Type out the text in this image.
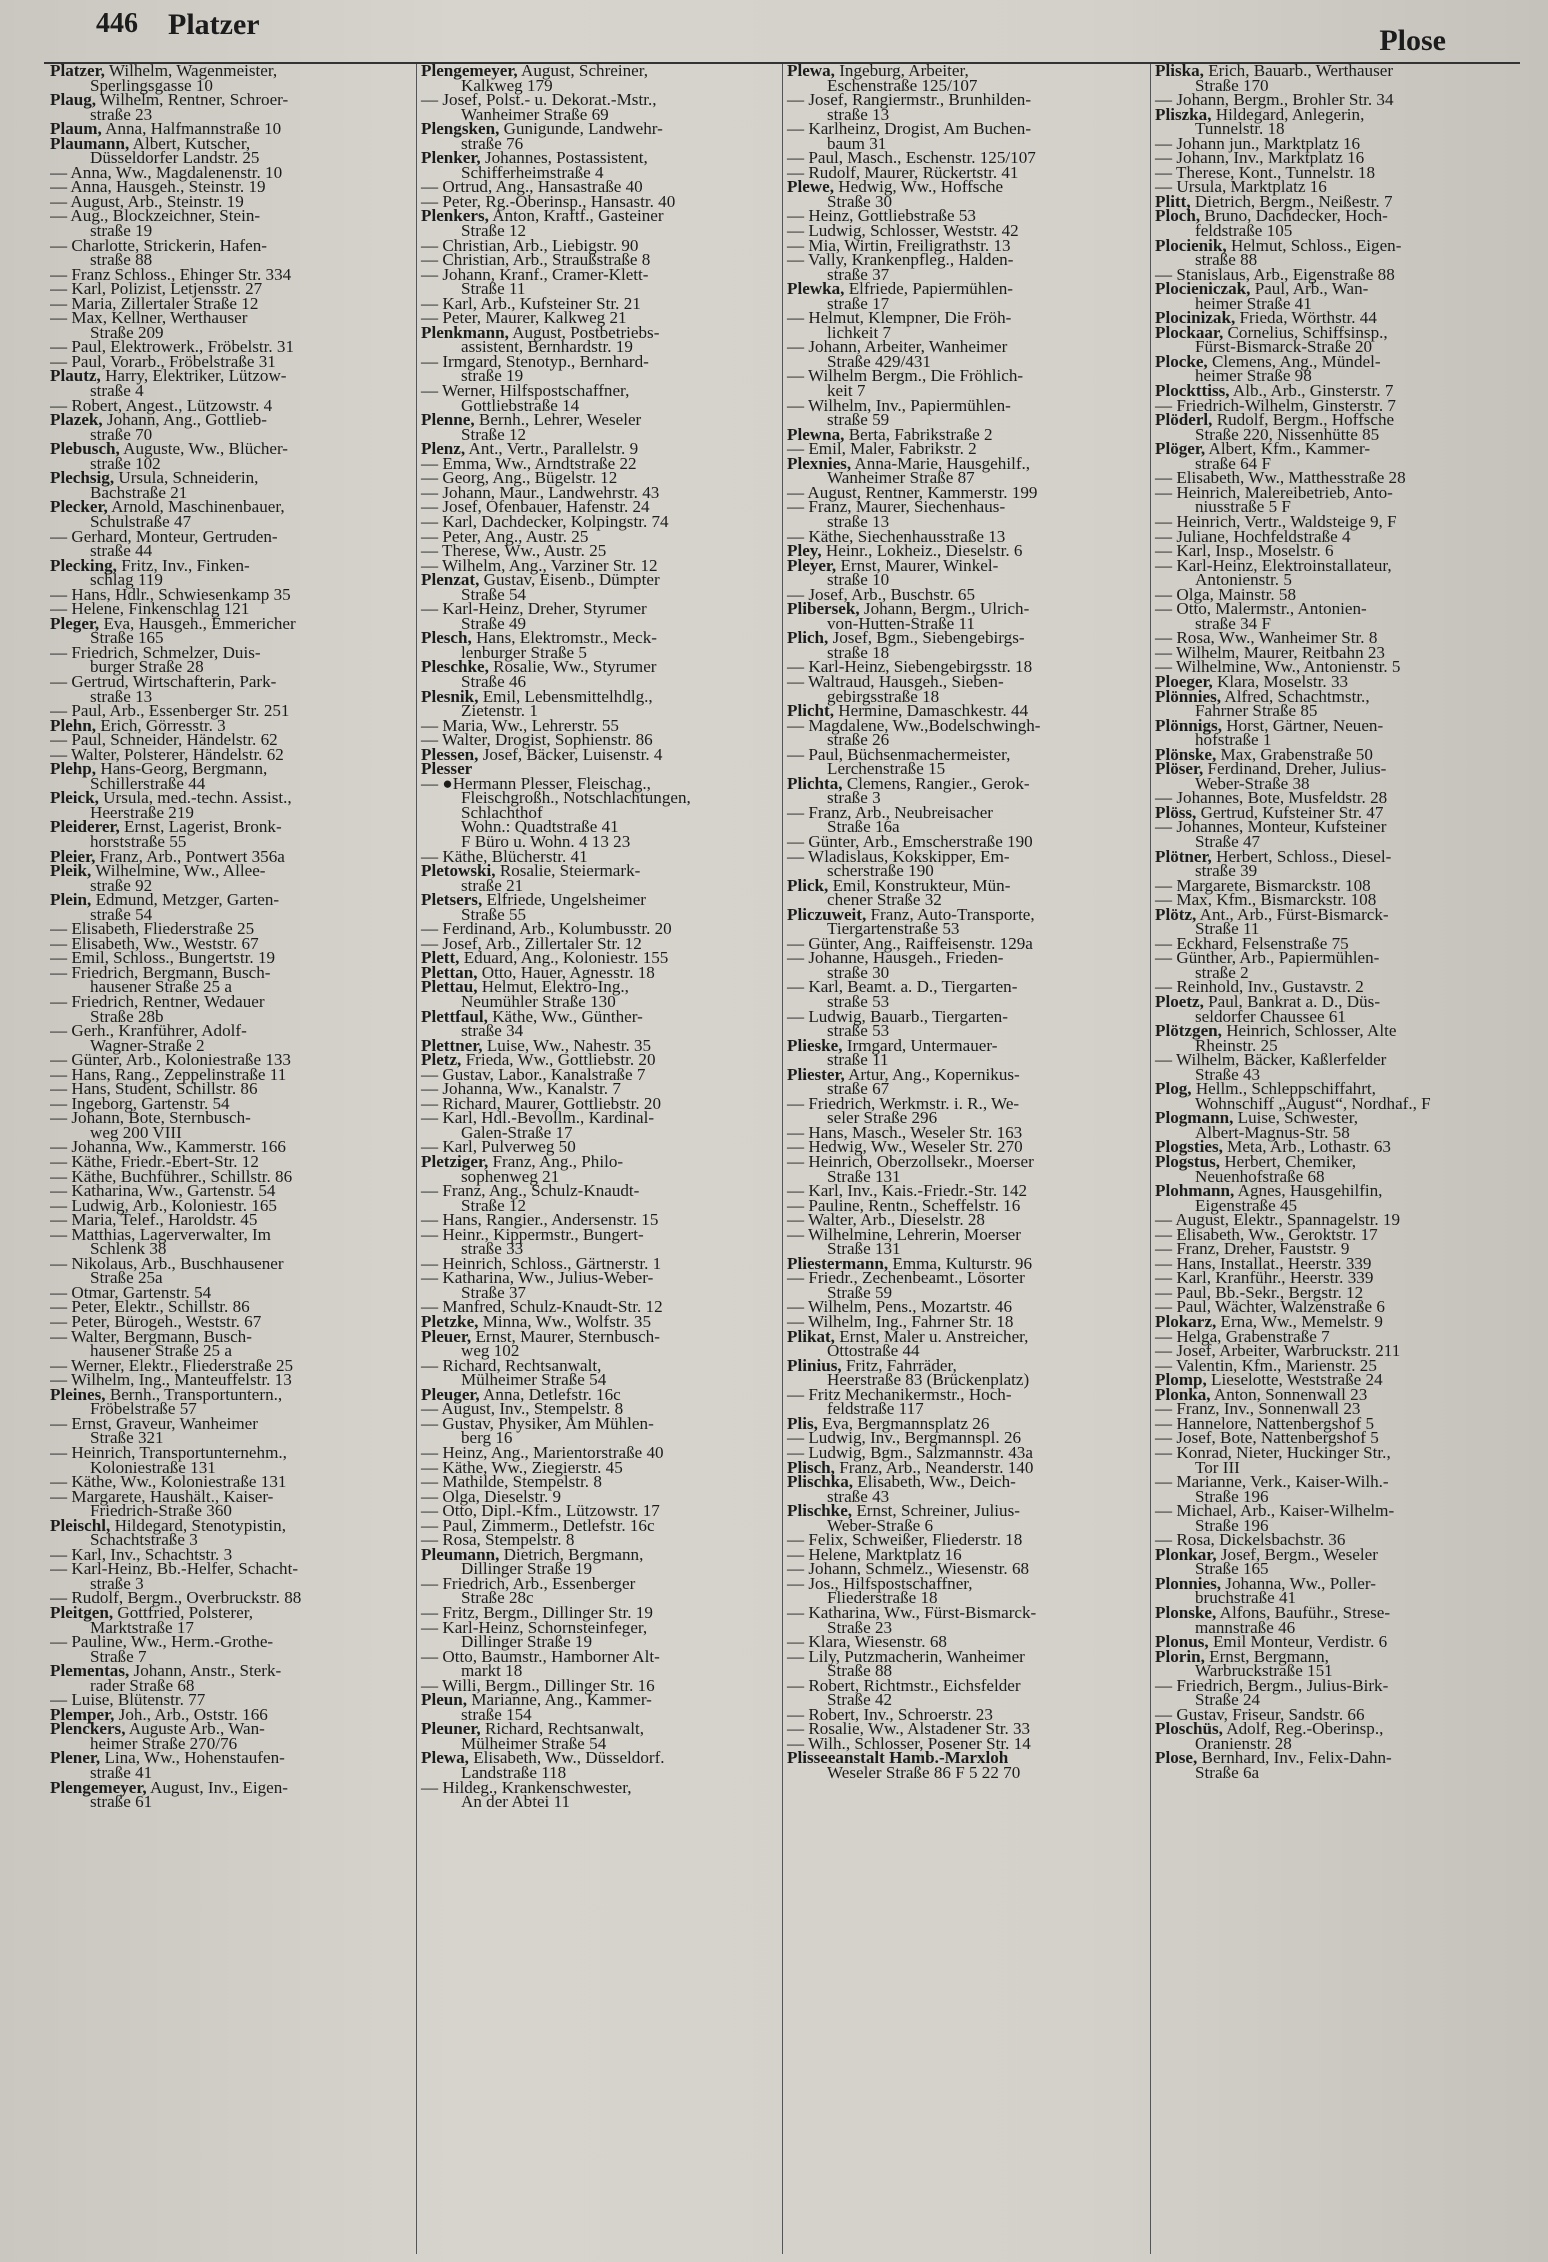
446 Platzer	Plose
Platzer, Wilhelm, Wagenmeister,
Sperlingsgasse 10
Plaug, Wilhelm, Rentner, Schroer-
straße 23
Plaum, Anna, Halfmannstraße 10
Plaumann, Albert, Kutscher,
Düsseldorfer Landstr. 25
— Anna, Ww., Magdalenenstr. 10
— Anna, Hausgeh., Steinstr. 19
— August, Arb., Steinstr. 19
— Aug., Blockzeichner, Stein-
straße 19
— Charlotte, Strickerin, Hafen-
straße 88
— Franz Schloss., Ehinger Str. 334
— Karl, Polizist, Letjensstr. 27
— Maria, Zillertaler Straße 12
— Max, Kellner, Werthauser
Straße 209
— Paul, Elektrowerk., Fröbelstr. 31
— Paul, Vorarb., Fröbelstraße 31
Plautz, Harry, Elektriker, Lützow-
straße 4
— Robert, Angest., Lützowstr. 4
Plazek, Johann, Ang., Gottlieb-
straße 70
Plebusch, Auguste, Ww., Blücher-
straße 102
Plechsig, Ursula, Schneiderin,
Bachstraße 21
Plecker, Arnold, Maschinenbauer,
Schulstraße 47
— Gerhard, Monteur, Gertruden-
straße 44
Plecking, Fritz, Inv., Finken-
schlag 119
— Hans, Hdlr., Schwiesenkamp 35
— Helene, Finkenschlag 121
Pleger, Eva, Hausgeh., Emmericher
Straße 165
— Friedrich, Schmelzer, Duis-
burger Straße 28
— Gertrud, Wirtschafterin, Park-
straße 13
— Paul, Arb., Essenberger Str. 251
Plehn, Erich, Görresstr. 3
— Paul, Schneider, Händelstr. 62
— Walter, Polsterer, Händelstr. 62
Plehp, Hans-Georg, Bergmann,
Schillerstraße 44
Pleick, Ursula, med.-techn. Assist.,
Heerstraße 219
Pleiderer, Ernst, Lagerist, Bronk-
horststraße 55
Pleier, Franz, Arb., Pontwert 356a
Pleik, Wilhelmine, Ww., Allee-
straße 92
Plein, Edmund, Metzger, Garten-
straße 54
— Elisabeth, Fliederstraße 25
— Elisabeth, Ww., Weststr. 67
— Emil, Schloss., Bungertstr. 19
— Friedrich, Bergmann, Busch-
hausener Straße 25 a
— Friedrich, Rentner, Wedauer
Straße 28b
— Gerh., Kranführer, Adolf-
Wagner-Straße 2
— Günter, Arb., Koloniestraße 133
— Hans, Rang., Zeppelinstraße 11
— Hans, Student, Schillstr. 86
— Ingeborg, Gartenstr. 54
— Johann, Bote, Sternbusch-
weg 200 VIII
— Johanna, Ww., Kammerstr. 166
— Käthe, Friedr.-Ebert-Str. 12
— Käthe, Buchführer., Schillstr. 86
— Katharina, Ww., Gartenstr. 54
— Ludwig, Arb., Koloniestr. 165
— Maria, Telef., Haroldstr. 45
— Matthias, Lagerverwalter, Im
Schlenk 38
— Nikolaus, Arb., Buschhausener
Straße 25a
— Otmar, Gartenstr. 54
— Peter, Elektr., Schillstr. 86
— Peter, Bürogeh., Weststr. 67
— Walter, Bergmann, Busch-
hausener Straße 25 a
— Werner, Elektr., Fliederstraße 25
— Wilhelm, Ing., Manteuffelstr. 13
Pleines, Bernh., Transportuntern.,
Fröbelstraße 57
— Ernst, Graveur, Wanheimer
Straße 321
— Heinrich, Transportunternehm.,
Koloniestraße 131
— Käthe, Ww., Koloniestraße 131
— Margarete, Haushält., Kaiser-
Friedrich-Straße 360
Pleischl, Hildegard, Stenotypistin,
Schachtstraße 3
— Karl, Inv., Schachtstr. 3
— Karl-Heinz, Bb.-Helfer, Schacht-
straße 3
— Rudolf, Bergm., Overbruckstr. 88
Pleitgen, Gottfried, Polsterer,
Marktstraße 17
— Pauline, Ww., Herm.-Grothe-
Straße 7
Plementas, Johann, Anstr., Sterk-
rader Straße 68
— Luise, Blütenstr. 77
Plemper, Joh., Arb., Oststr. 166
Plenckers, Auguste Arb., Wan-
heimer Straße 270/76
Plener, Lina, Ww., Hohenstaufen-
straße 41
Plengemeyer, August, Inv., Eigen-
straße 61
Plengemeyer, August, Schreiner,
Kalkweg 179
— Josef, Polst.- u. Dekorat.-Mstr.,
Wanheimer Straße 69
Plengsken, Gunigunde, Landwehr-
straße 76
Plenker, Johannes, Postassistent,
Schifferheimstraße 4
— Ortrud, Ang., Hansastraße 40
— Peter, Rg.-Oberinsp., Hansastr. 40
Plenkers, Anton, Kraftf., Gasteiner
Straße 12
— Christian, Arb., Liebigstr. 90
— Christian, Arb., Straußstraße 8
— Johann, Kranf., Cramer-Klett-
Straße 11
— Karl, Arb., Kufsteiner Str. 21
— Peter, Maurer, Kalkweg 21
Plenkmann, August, Postbetriebs-
assistent, Bernhardstr. 19
— Irmgard, Stenotyp., Bernhard-
straße 19
— Werner, Hilfspostschaffner,
Gottliebstraße 14
Plenne, Bernh., Lehrer, Weseler
Straße 12
Plenz, Ant., Vertr., Parallelstr. 9
— Emma, Ww., Arndtstraße 22
— Georg, Ang., Bügelstr. 12
— Johann, Maur., Landwehrstr. 43
— Josef, Ofenbauer, Hafenstr. 24
— Karl, Dachdecker, Kolpingstr. 74
— Peter, Ang., Austr. 25
— Therese, Ww., Austr. 25
— Wilhelm, Ang., Varziner Str. 12
Plenzat, Gustav, Eisenb., Dümpter
Straße 54
— Karl-Heinz, Dreher, Styrumer
Straße 49
Plesch, Hans, Elektromstr., Meck-
lenburger Straße 5
Pleschke, Rosalie, Ww., Styrumer
Straße 46
Plesnik, Emil, Lebensmittelhdlg.,
Zietenstr. 1
— Maria, Ww., Lehrerstr. 55
— Walter, Drogist, Sophienstr. 86
Plessen, Josef, Bäcker, Luisenstr. 4
Plesser
— ●Hermann Plesser, Fleischag.,
Fleischgroßh., Notschlachtungen,
Schlachthof
Wohn.: Quadtstraße 41
F Büro u. Wohn. 4 13 23
— Käthe, Blücherstr. 41
Pletowski, Rosalie, Steiermark-
straße 21
Pletsers, Elfriede, Ungelsheimer
Straße 55
— Ferdinand, Arb., Kolumbusstr. 20
— Josef, Arb., Zillertaler Str. 12
Plett, Eduard, Ang., Koloniestr. 155
Plettan, Otto, Hauer, Agnesstr. 18
Plettau, Helmut, Elektro-Ing.,
Neumühler Straße 130
Plettfaul, Käthe, Ww., Günther-
straße 34
Plettner, Luise, Ww., Nahestr. 35
Pletz, Frieda, Ww., Gottliebstr. 20
— Gustav, Labor., Kanalstraße 7
— Johanna, Ww., Kanalstr. 7
— Richard, Maurer, Gottliebstr. 20
— Karl, Hdl.-Bevollm., Kardinal-
Galen-Straße 17
— Karl, Pulverweg 50
Pletziger, Franz, Ang., Philo-
sophenweg 21
— Franz, Ang., Schulz-Knaudt-
Straße 12
— Hans, Rangier., Andersenstr. 15
— Heinr., Kippermstr., Bungert-
straße 33
— Heinrich, Schloss., Gärtnerstr. 1
— Katharina, Ww., Julius-Weber-
Straße 37
— Manfred, Schulz-Knaudt-Str. 12
Pletzke, Minna, Ww., Wolfstr. 35
Pleuer, Ernst, Maurer, Sternbusch-
weg 102
— Richard, Rechtsanwalt,
Mülheimer Straße 54
Pleuger, Anna, Detlefstr. 16c
— August, Inv., Stempelstr. 8
— Gustav, Physiker, Am Mühlen-
berg 16
— Heinz, Ang., Marientorstraße 40
— Käthe, Ww., Ziegierstr. 45
— Mathilde, Stempelstr. 8
— Olga, Dieselstr. 9
— Otto, Dipl.-Kfm., Lützowstr. 17
— Paul, Zimmerm., Detlefstr. 16c
— Rosa, Stempelstr. 8
Pleumann, Dietrich, Bergmann,
Dillinger Straße 19
— Friedrich, Arb., Essenberger
Straße 28c
— Fritz, Bergm., Dillinger Str. 19
— Karl-Heinz, Schornsteinfeger,
Dillinger Straße 19
— Otto, Baumstr., Hamborner Alt-
markt 18
— Willi, Bergm., Dillinger Str. 16
Pleun, Marianne, Ang., Kammer-
straße 154
Pleuner, Richard, Rechtsanwalt,
Mülheimer Straße 54
Plewa, Elisabeth, Ww., Düsseldorf.
Landstraße 118
— Hildeg., Krankenschwester,
An der Abtei 11
Plewa, Ingeburg, Arbeiter,
Eschenstraße 125/107
— Josef, Rangiermstr., Brunhilden-
straße 13
— Karlheinz, Drogist, Am Buchen-
baum 31
— Paul, Masch., Eschenstr. 125/107
— Rudolf, Maurer, Rückertstr. 41
Plewe, Hedwig, Ww., Hoffsche
Straße 30
— Heinz, Gottliebstraße 53
— Ludwig, Schlosser, Weststr. 42
— Mia, Wirtin, Freiligrathstr. 13
— Vally, Krankenpfleg., Halden-
straße 37
Plewka, Elfriede, Papiermühlen-
straße 17
— Helmut, Klempner, Die Fröh-
lichkeit 7
— Johann, Arbeiter, Wanheimer
Straße 429/431
— Wilhelm Bergm., Die Fröhlich-
keit 7
— Wilhelm, Inv., Papiermühlen-
straße 59
Plewna, Berta, Fabrikstraße 2
— Emil, Maler, Fabrikstr. 2
Plexnies, Anna-Marie, Hausgehilf.,
Wanheimer Straße 87
— August, Rentner, Kammerstr. 199
— Franz, Maurer, Siechenhaus-
straße 13
— Käthe, Siechenhausstraße 13
Pley, Heinr., Lokheiz., Dieselstr. 6
Pleyer, Ernst, Maurer, Winkel-
straße 10
— Josef, Arb., Buschstr. 65
Plibersek, Johann, Bergm., Ulrich-
von-Hutten-Straße 11
Plich, Josef, Bgm., Siebengebirgs-
straße 18
— Karl-Heinz, Siebengebirgsstr. 18
— Waltraud, Hausgeh., Sieben-
gebirgsstraße 18
Plicht, Hermine, Damaschkestr. 44
— Magdalene, Ww.,Bodelschwingh-
straße 26
— Paul, Büchsenmachermeister,
Lerchenstraße 15
Plichta, Clemens, Rangier., Gerok-
straße 3
— Franz, Arb., Neubreisacher
Straße 16a
— Günter, Arb., Emscherstraße 190
— Wladislaus, Kokskipper, Em-
scherstraße 190
Plick, Emil, Konstrukteur, Mün-
chener Straße 32
Pliczuweit, Franz, Auto-Transporte,
Tiergartenstraße 53
— Günter, Ang., Raiffeisenstr. 129a
— Johanne, Hausgeh., Frieden-
straße 30
— Karl, Beamt. a. D., Tiergarten-
straße 53
— Ludwig, Bauarb., Tiergarten-
straße 53
Plieske, Irmgard, Untermauer-
straße 11
Pliester, Artur, Ang., Kopernikus-
straße 67
— Friedrich, Werkmstr. i. R., We-
seler Straße 296
— Hans, Masch., Weseler Str. 163
— Hedwig, Ww., Weseler Str. 270
— Heinrich, Oberzollsekr., Moerser
Straße 131
— Karl, Inv., Kais.-Friedr.-Str. 142
— Pauline, Rentn., Scheffelstr. 16
— Walter, Arb., Dieselstr. 28
— Wilhelmine, Lehrerin, Moerser
Straße 131
Pliestermann, Emma, Kulturstr. 96
— Friedr., Zechenbeamt., Lösorter
Straße 59
— Wilhelm, Pens., Mozartstr. 46
— Wilhelm, Ing., Fahrner Str. 18
Plikat, Ernst, Maler u. Anstreicher,
Ottostraße 44
Plinius, Fritz, Fahrräder,
Heerstraße 83 (Brückenplatz)
— Fritz Mechanikermstr., Hoch-
feldstraße 117
Plis, Eva, Bergmannsplatz 26
— Ludwig, Inv., Bergmannspl. 26
— Ludwig, Bgm., Salzmannstr. 43a
Plisch, Franz, Arb., Neanderstr. 140
Plischka, Elisabeth, Ww., Deich-
straße 43
Plischke, Ernst, Schreiner, Julius-
Weber-Straße 6
— Felix, Schweißer, Fliederstr. 18
— Helene, Marktplatz 16
— Johann, Schmelz., Wiesenstr. 68
— Jos., Hilfspostschaffner,
Fliederstraße 18
— Katharina, Ww., Fürst-Bismarck-
Straße 23
— Klara, Wiesenstr. 68
— Lily, Putzmacherin, Wanheimer
Straße 88
— Robert, Richtmstr., Eichsfelder
Straße 42
— Robert, Inv., Schroerstr. 23
— Rosalie, Ww., Alstadener Str. 33
— Wilh., Schlosser, Posener Str. 14
Plisseeanstalt Hamb.-Marxloh
Weseler Straße 86 F 5 22 70
Pliska, Erich, Bauarb., Werthauser
Straße 170
— Johann, Bergm., Brohler Str. 34
Pliszka, Hildegard, Anlegerin,
Tunnelstr. 18
— Johann jun., Marktplatz 16
— Johann, Inv., Marktplatz 16
— Therese, Kont., Tunnelstr. 18
— Ursula, Marktplatz 16
Plitt, Dietrich, Bergm., Neißestr. 7
Ploch, Bruno, Dachdecker, Hoch-
feldstraße 105
Plocienik, Helmut, Schloss., Eigen-
straße 88
— Stanislaus, Arb., Eigenstraße 88
Plocieniczak, Paul, Arb., Wan-
heimer Straße 41
Plocinizak, Frieda, Wörthstr. 44
Plockaar, Cornelius, Schiffsinsp.,
Fürst-Bismarck-Straße 20
Plocke, Clemens, Ang., Mündel-
heimer Straße 98
Plockttiss, Alb., Arb., Ginsterstr. 7
— Friedrich-Wilhelm, Ginsterstr. 7
Plöderl, Rudolf, Bergm., Hoffsche
Straße 220, Nissenhütte 85
Plöger, Albert, Kfm., Kammer-
straße 64 F
— Elisabeth, Ww., Matthesstraße 28
— Heinrich, Malereibetrieb, Anto-
niusstraße 5 F
— Heinrich, Vertr., Waldsteige 9, F
— Juliane, Hochfeldstraße 4
— Karl, Insp., Moselstr. 6
— Karl-Heinz, Elektroinstallateur,
Antonienstr. 5
— Olga, Mainstr. 58
— Otto, Malermstr., Antonien-
straße 34 F
— Rosa, Ww., Wanheimer Str. 8
— Wilhelm, Maurer, Reitbahn 23
— Wilhelmine, Ww., Antonienstr. 5
Ploeger, Klara, Moselstr. 33
Plönnies, Alfred, Schachtmstr.,
Fahrner Straße 85
Plönnigs, Horst, Gärtner, Neuen-
hofstraße 1
Plönske, Max, Grabenstraße 50
Plöser, Ferdinand, Dreher, Julius-
Weber-Straße 38
— Johannes, Bote, Musfeldstr. 28
Plöss, Gertrud, Kufsteiner Str. 47
— Johannes, Monteur, Kufsteiner
Straße 47
Plötner, Herbert, Schloss., Diesel-
straße 39
— Margarete, Bismarckstr. 108
— Max, Kfm., Bismarckstr. 108
Plötz, Ant., Arb., Fürst-Bismarck-
Straße 11
— Eckhard, Felsenstraße 75
— Günther, Arb., Papiermühlen-
straße 2
— Reinhold, Inv., Gustavstr. 2
Ploetz, Paul, Bankrat a. D., Düs-
seldorfer Chaussee 61
Plötzgen, Heinrich, Schlosser, Alte
Rheinstr. 25
— Wilhelm, Bäcker, Kaßlerfelder
Straße 43
Plog, Hellm., Schleppschiffahrt,
Wohnschiff „August“, Nordhaf., F
Plogmann, Luise, Schwester,
Albert-Magnus-Str. 58
Plogsties, Meta, Arb., Lothastr. 63
Plogstus, Herbert, Chemiker,
Neuenhofstraße 68
Plohmann, Agnes, Hausgehilfin,
Eigenstraße 45
— August, Elektr., Spannagelstr. 19
— Elisabeth, Ww., Geroktstr. 17
— Franz, Dreher, Fauststr. 9
— Hans, Installat., Heerstr. 339
— Karl, Kranführ., Heerstr. 339
— Paul, Bb.-Sekr., Bergstr. 12
— Paul, Wächter, Walzenstraße 6
Plokarz, Erna, Ww., Memelstr. 9
— Helga, Grabenstraße 7
— Josef, Arbeiter, Warbruckstr. 211
— Valentin, Kfm., Marienstr. 25
Plomp, Lieselotte, Weststraße 24
Plonka, Anton, Sonnenwall 23
— Franz, Inv., Sonnenwall 23
— Hannelore, Nattenbergshof 5
— Josef, Bote, Nattenbergshof 5
— Konrad, Nieter, Huckinger Str.,
Tor III
— Marianne, Verk., Kaiser-Wilh.-
Straße 196
— Michael, Arb., Kaiser-Wilhelm-
Straße 196
— Rosa, Dickelsbachstr. 36
Plonkar, Josef, Bergm., Weseler
Straße 165
Plonnies, Johanna, Ww., Poller-
bruchstraße 41
Plonske, Alfons, Bauführ., Strese-
mannstraße 46
Plonus, Emil Monteur, Verdistr. 6
Plorin, Ernst, Bergmann,
Warbruckstraße 151
— Friedrich, Bergm., Julius-Birk-
Straße 24
— Gustav, Friseur, Sandstr. 66
Ploschüs, Adolf, Reg.-Oberinsp.,
Oranienstr. 28
Plose, Bernhard, Inv., Felix-Dahn-
Straße 6a
